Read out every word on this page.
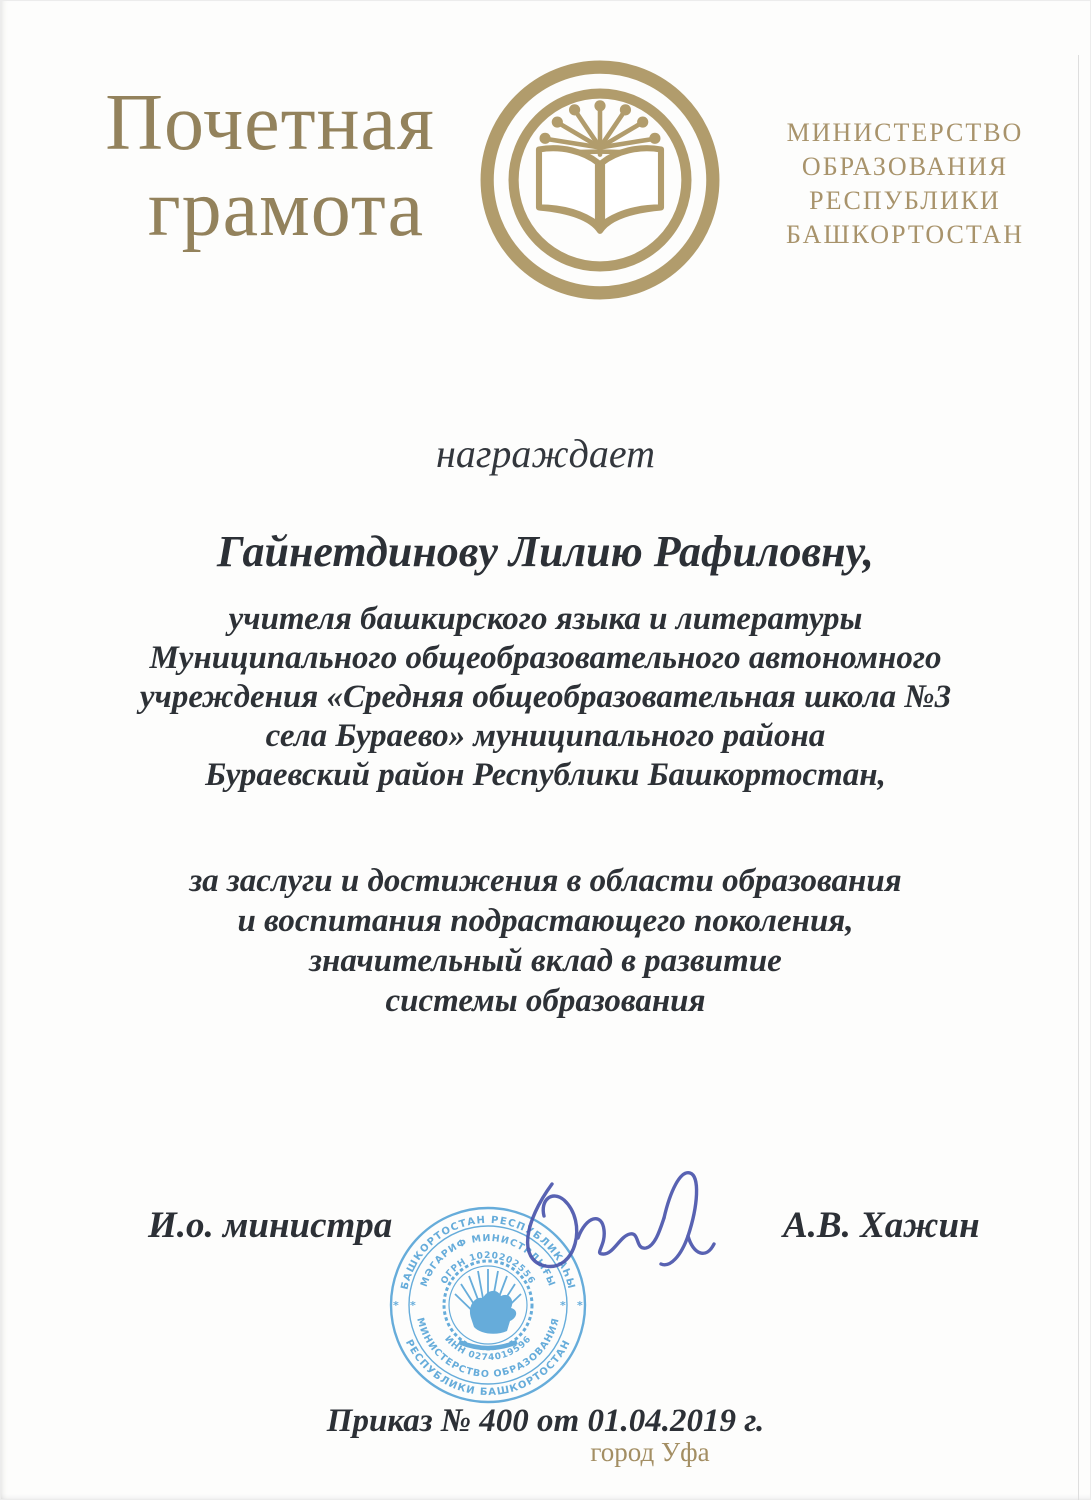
Почетная
грамота
МИНИСТЕРСТВО
ОБРАЗОВАНИЯ
РЕСПУБЛИКИ
БАШКОРТОСТАН
награждает
Гайнетдинову Лилию Рафиловну,
учителя башкирского языка и литературы
Муниципального общеобразовательного автономного
учреждения «Средняя общеобразовательная школа №3
села Бураево» муниципального района
Бураевский район Республики Башкортостан,
за заслуги и достижения в области образования
и воспитания подрастающего поколения,
значительный вклад в развитие
системы образования
И.о. министра	А.В. Хажин
БАШКОРТОСТАН РЕСПУБЛИКАҺЫ
РЕСПУБЛИКИ БАШКОРТОСТАН
МӘГАРИФ МИНИСТРЛЫҒЫ
МИНИСТЕРСТВО ОБРАЗОВАНИЯ
ОГРН 1020202556
ИНН 0274019596
*	*
*	*
Приказ № 400 от 01.04.2019 г.
город Уфа
